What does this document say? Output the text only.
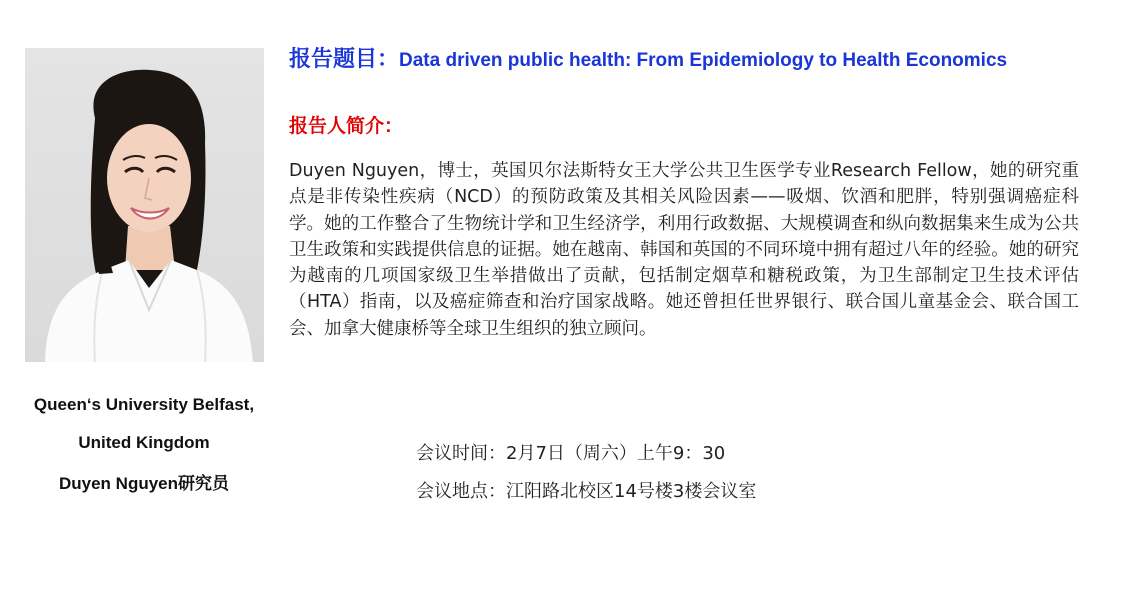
Queen‘s University Belfast,
United Kingdom
Duyen Nguyen研究员
报告题目：Data driven public health: From Epidemiology to Health Economics
报告人简介：

Duyen Nguyen，博士，英国贝尔法斯特女王大学公共卫生医学专业Research Fellow，她的研究重点是非传染性疾病（NCD）的预防政策及其相关风险因素——吸烟、饮酒和肥胖，特别强调癌症科学。她的工作整合了生物统计学和卫生经济学，利用行政数据、大规模调查和纵向数据集来生成为公共卫生政策和实践提供信息的证据。她在越南、韩国和英国的不同环境中拥有超过八年的经验。她的研究为越南的几项国家级卫生举措做出了贡献，包括制定烟草和糖税政策，为卫生部制定卫生技术评估（HTA）指南，以及癌症筛查和治疗国家战略。她还曾担任世界银行、联合国儿童基金会、联合国工会、加拿大健康桥等全球卫生组织的独立顾问。

会议时间：2月7日（周六）上午9：30
会议地点：江阳路北校区14号楼3楼会议室
